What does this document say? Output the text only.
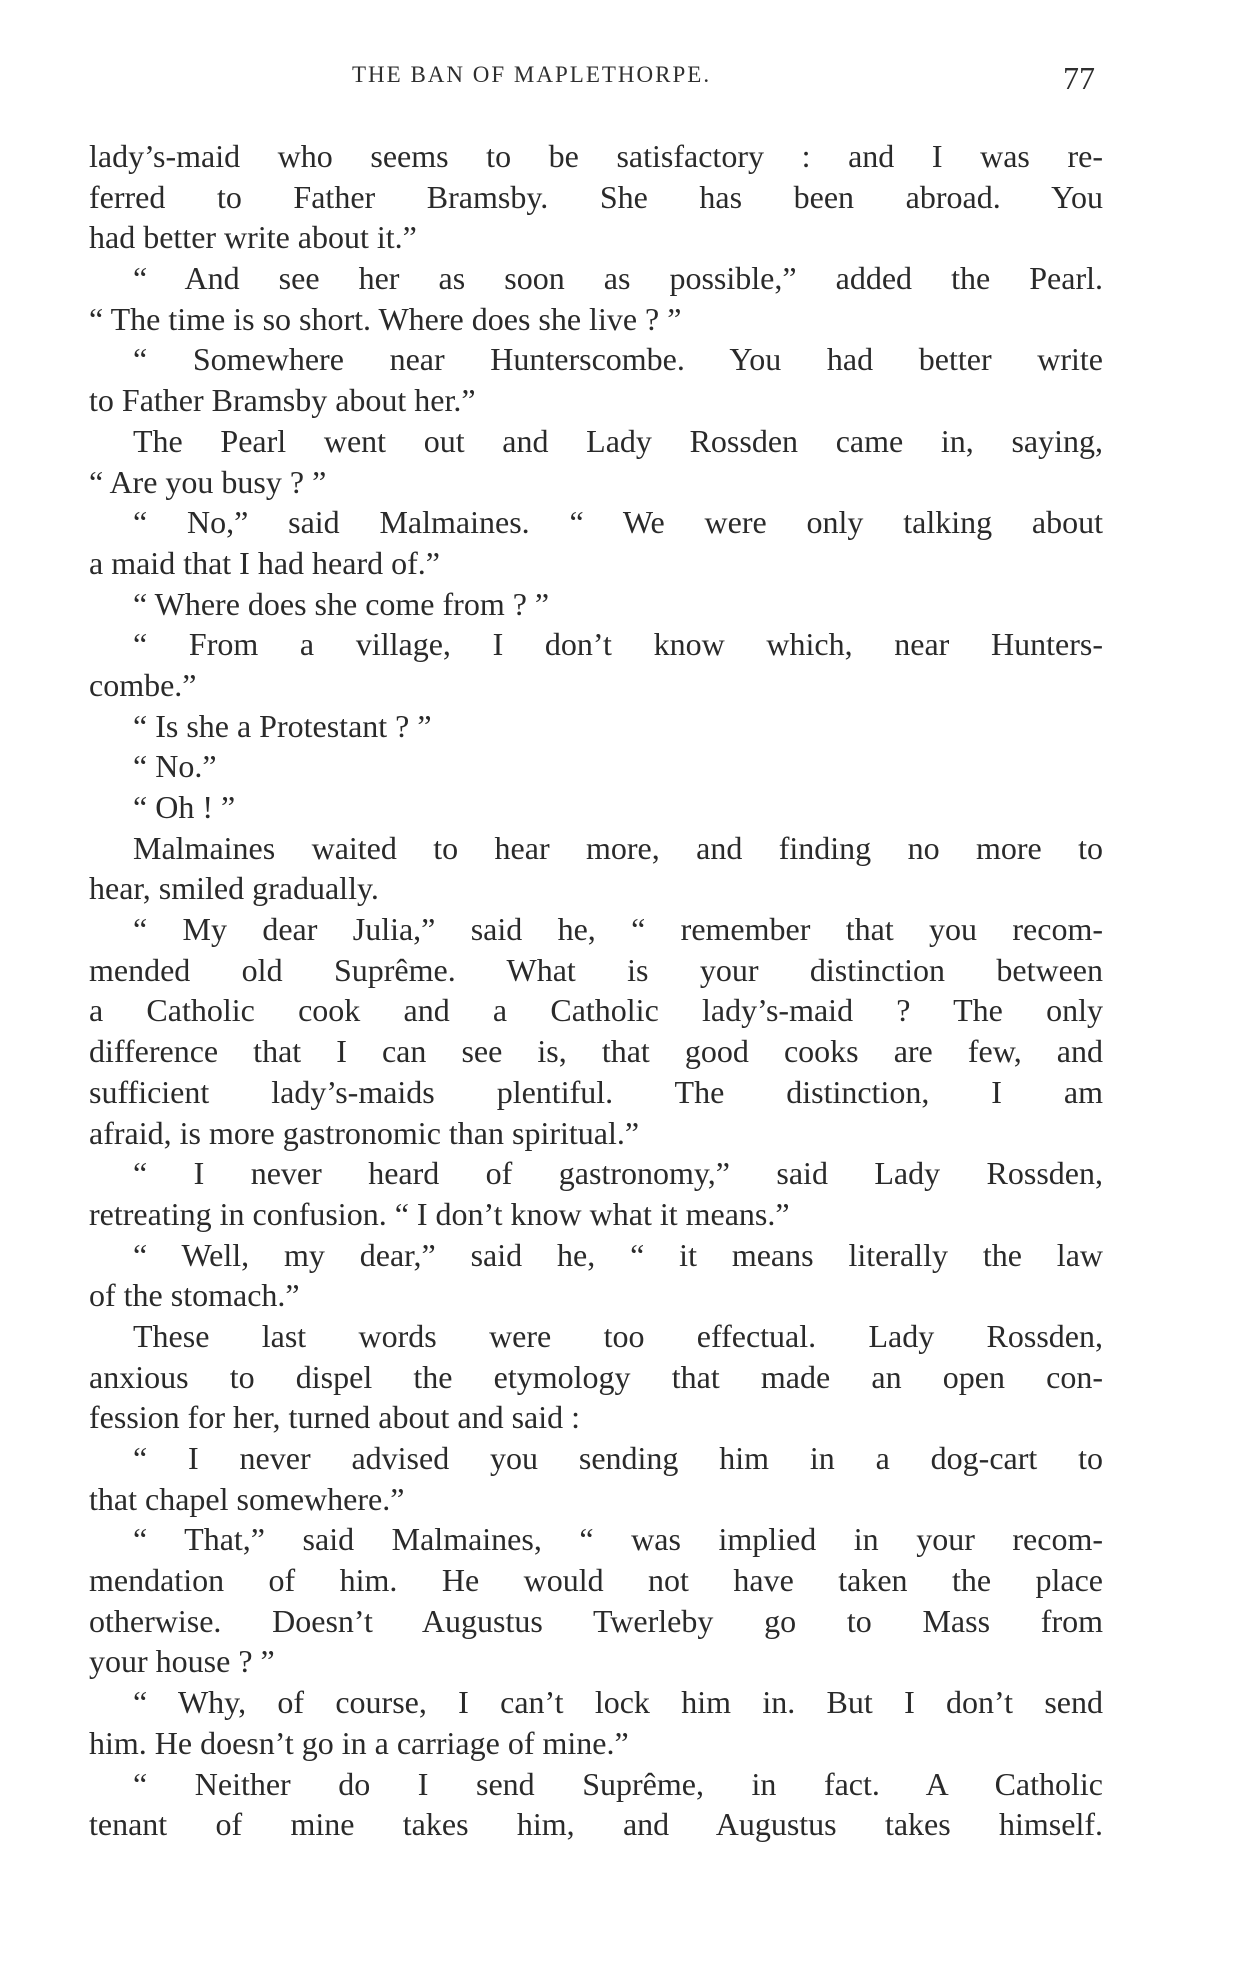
THE BAN OF MAPLETHORPE.	77
lady’s-maid who seems to be satisfactory : and I was re-
ferred to Father Bramsby. She has been abroad. You
had better write about it.”
“ And see her as soon as possible,” added the Pearl.
“ The time is so short. Where does she live ? ”
“ Somewhere near Hunterscombe. You had better write
to Father Bramsby about her.”
The Pearl went out and Lady Rossden came in, saying,
“ Are you busy ? ”
“ No,” said Malmaines. “ We were only talking about
a maid that I had heard of.”
“ Where does she come from ? ”
“ From a village, I don’t know which, near Hunters-
combe.”
“ Is she a Protestant ? ”
“ No.”
“ Oh ! ”
Malmaines waited to hear more, and finding no more to
hear, smiled gradually.
“ My dear Julia,” said he, “ remember that you recom-
mended old Suprême. What is your distinction between
a Catholic cook and a Catholic lady’s-maid ? The only
difference that I can see is, that good cooks are few, and
sufficient lady’s-maids plentiful. The distinction, I am
afraid, is more gastronomic than spiritual.”
“ I never heard of gastronomy,” said Lady Rossden,
retreating in confusion. “ I don’t know what it means.”
“ Well, my dear,” said he, “ it means literally the law
of the stomach.”
These last words were too effectual. Lady Rossden,
anxious to dispel the etymology that made an open con-
fession for her, turned about and said :
“ I never advised you sending him in a dog-cart to
that chapel somewhere.”
“ That,” said Malmaines, “ was implied in your recom-
mendation of him. He would not have taken the place
otherwise. Doesn’t Augustus Twerleby go to Mass from
your house ? ”
“ Why, of course, I can’t lock him in. But I don’t send
him. He doesn’t go in a carriage of mine.”
“ Neither do I send Suprême, in fact. A Catholic
tenant of mine takes him, and Augustus takes himself.
